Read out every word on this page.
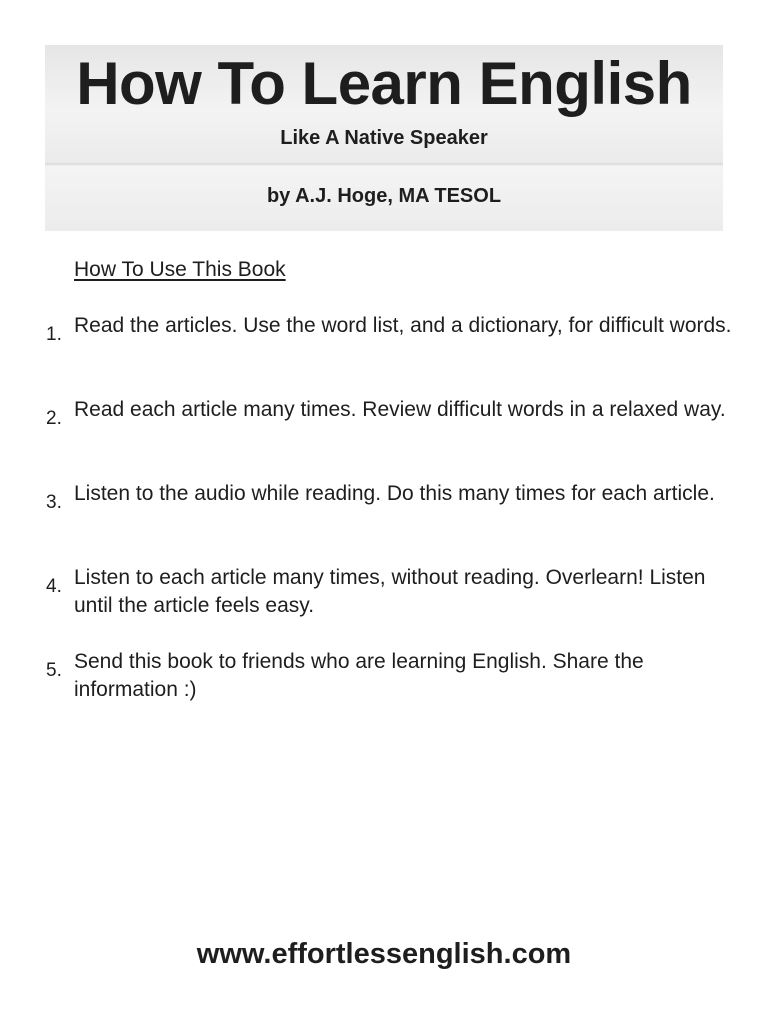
How To Learn English
Like A Native Speaker
by A.J. Hoge, MA TESOL
How To Use This Book
1. Read the articles. Use the word list, and a dictionary, for difficult words.
2. Read each article many times. Review difficult words in a relaxed way.
3. Listen to the audio while reading. Do this many times for each article.
4. Listen to each article many times, without reading. Overlearn! Listen until the article feels easy.
5. Send this book to friends who are learning English. Share the information :)
www.effortlessenglish.com
